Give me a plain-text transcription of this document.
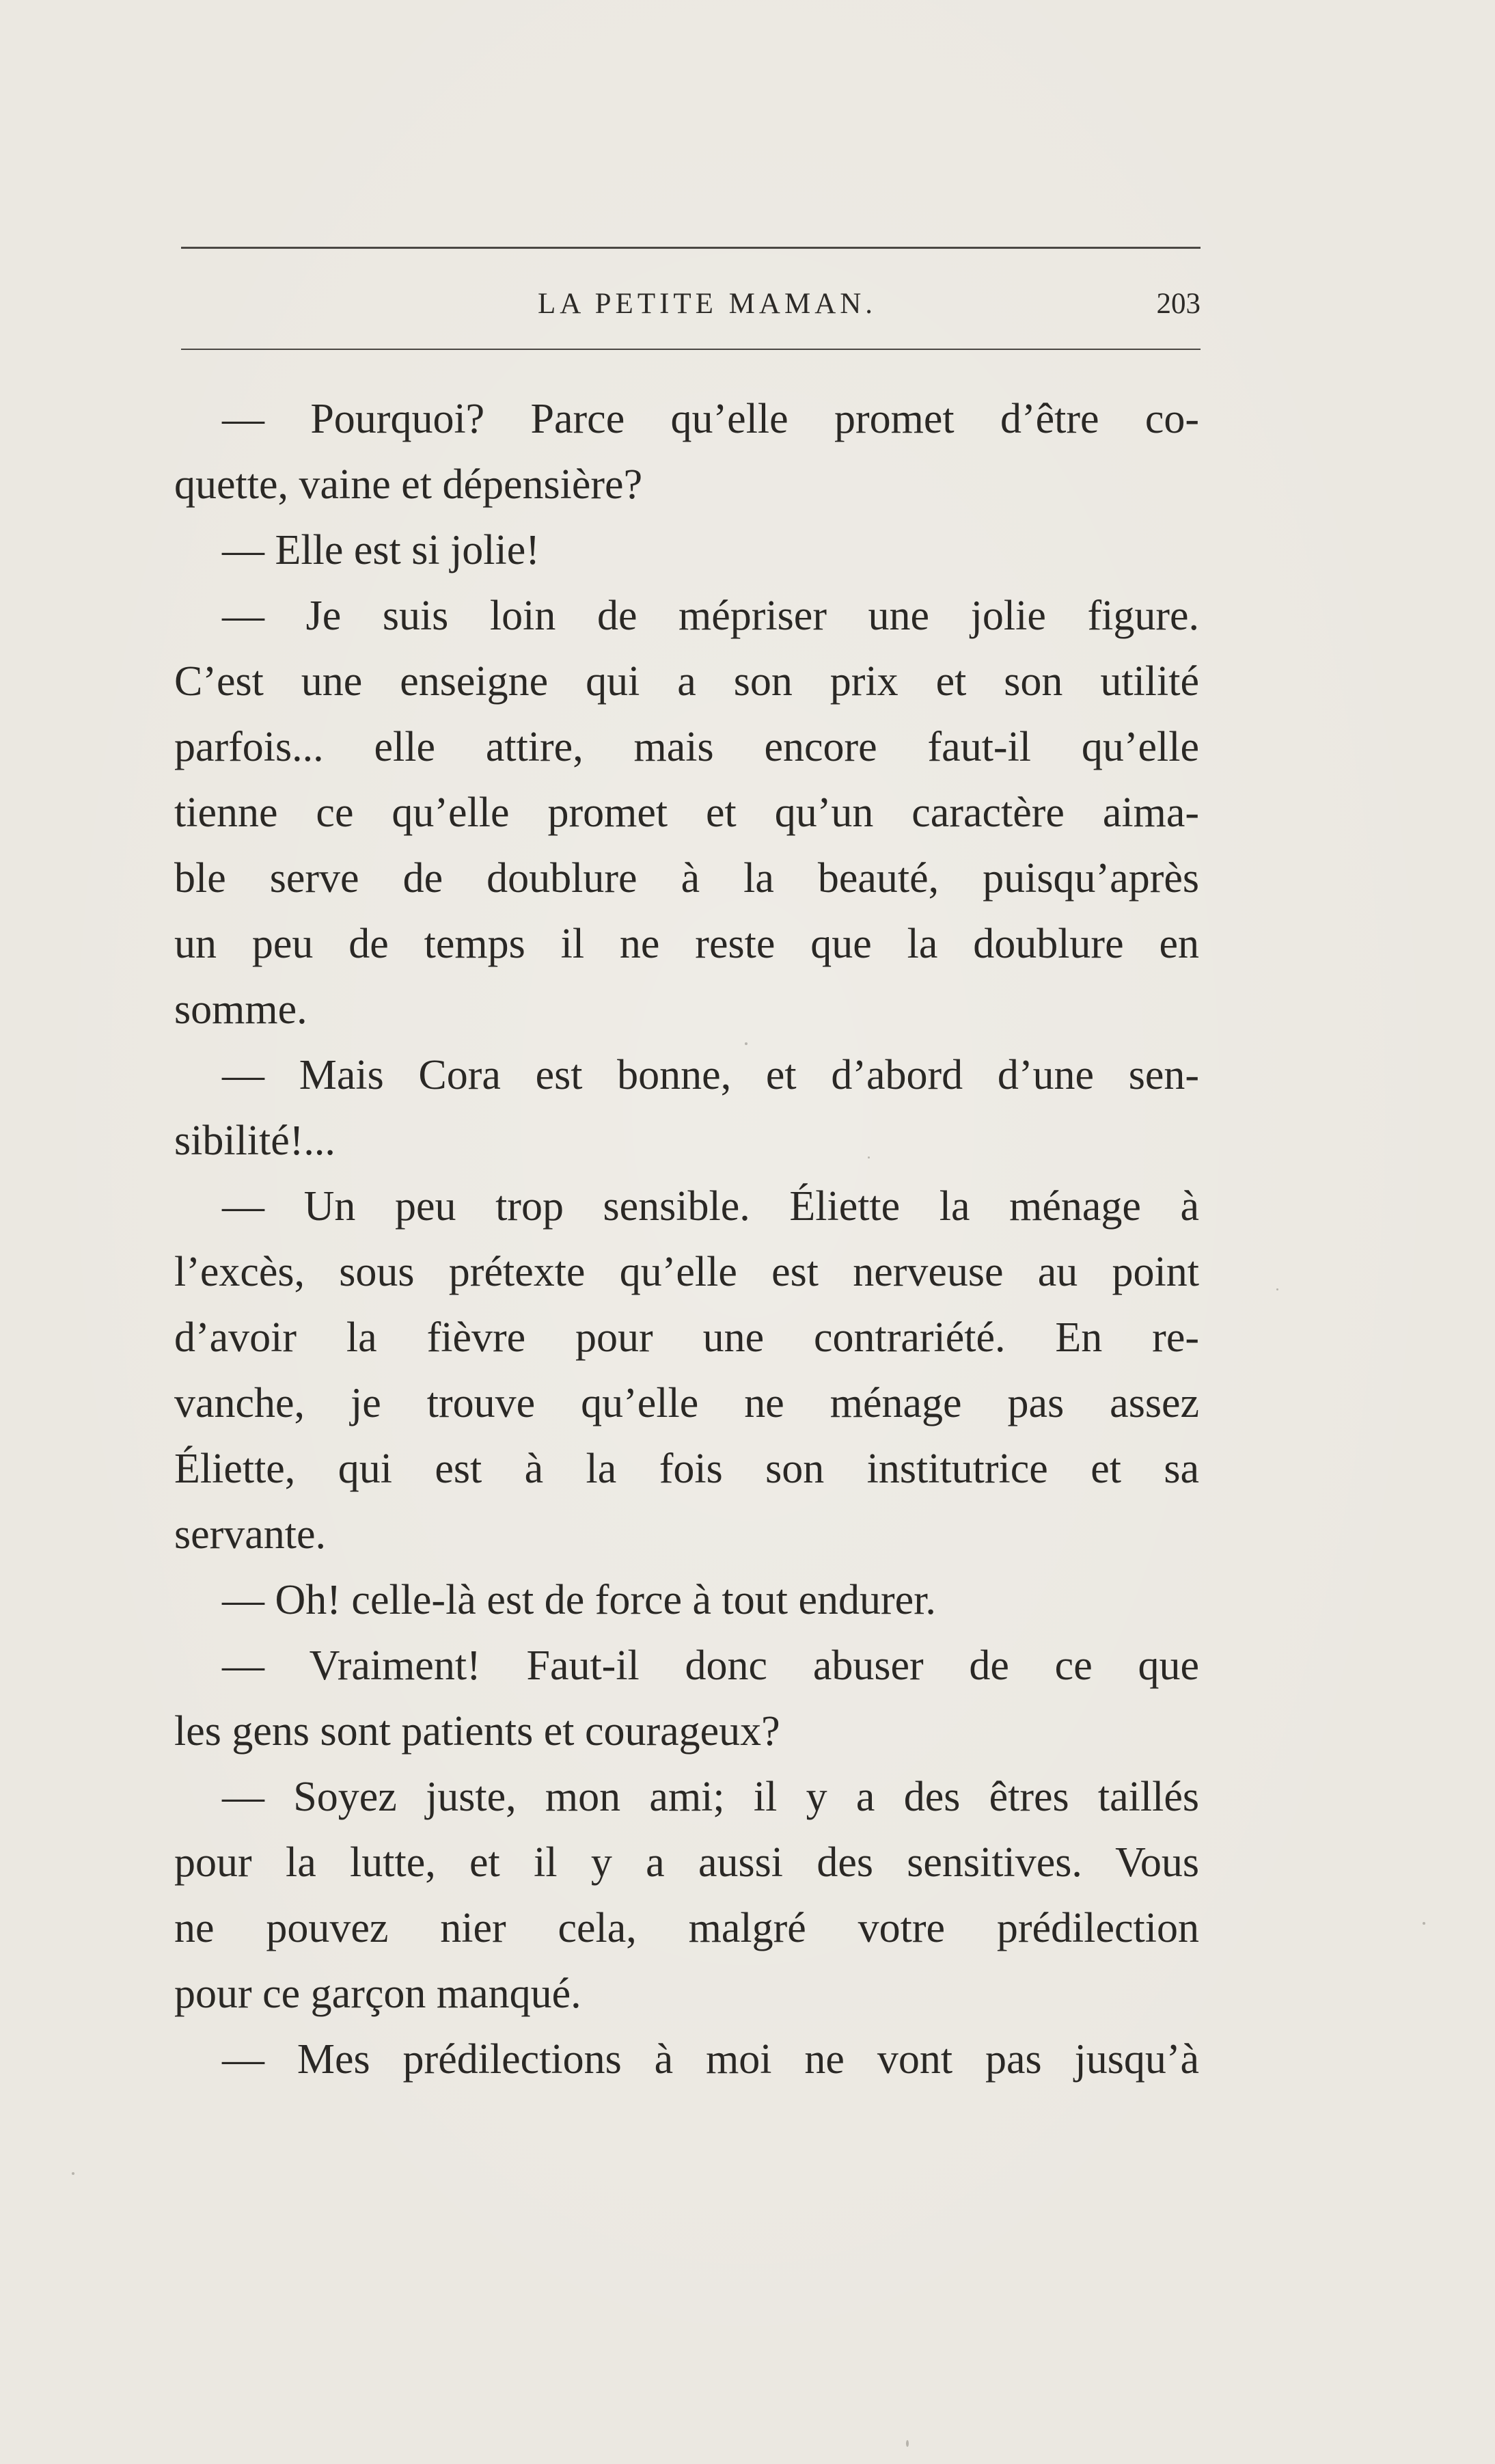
LA PETITE MAMAN.	203
— Pourquoi? Parce qu’elle promet d’être co-
quette, vaine et dépensière?
— Elle est si jolie!
— Je suis loin de mépriser une jolie figure.
C’est une enseigne qui a son prix et son utilité
parfois... elle attire, mais encore faut-il qu’elle
tienne ce qu’elle promet et qu’un caractère aima-
ble serve de doublure à la beauté, puisqu’après
un peu de temps il ne reste que la doublure en
somme.
— Mais Cora est bonne, et d’abord d’une sen-
sibilité!...
— Un peu trop sensible. Éliette la ménage à
l’excès, sous prétexte qu’elle est nerveuse au point
d’avoir la fièvre pour une contrariété. En re-
vanche, je trouve qu’elle ne ménage pas assez
Éliette, qui est à la fois son institutrice et sa
servante.
— Oh! celle-là est de force à tout endurer.
— Vraiment! Faut-il donc abuser de ce que
les gens sont patients et courageux?
— Soyez juste, mon ami; il y a des êtres taillés
pour la lutte, et il y a aussi des sensitives. Vous
ne pouvez nier cela, malgré votre prédilection
pour ce garçon manqué.
— Mes prédilections à moi ne vont pas jusqu’à
